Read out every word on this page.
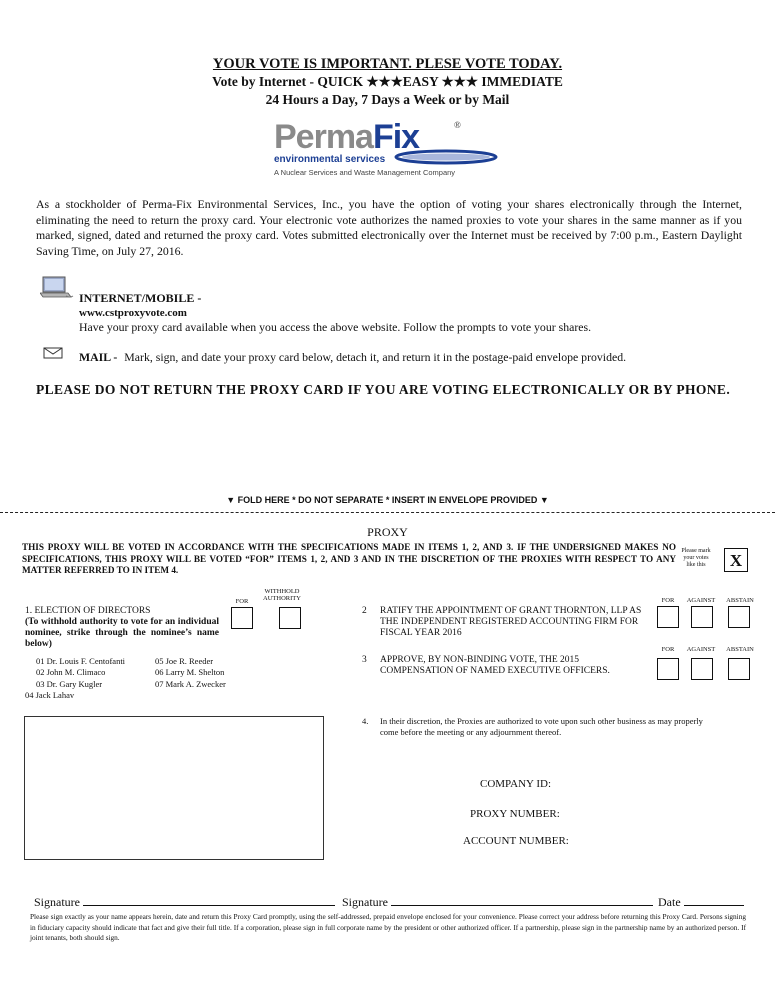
YOUR VOTE IS IMPORTANT. PLESE VOTE TODAY.
Vote by Internet - QUICK ★★★EASY ★★★ IMMEDIATE
24 Hours a Day, 7 Days a Week or by Mail
PermaFix	®
environmental services
A Nuclear Services and Waste Management Company
As a stockholder of Perma-Fix Environmental Services, Inc., you have the option of voting your shares electronically through the Internet, eliminating the need to return the proxy card. Your electronic vote authorizes the named proxies to vote your shares in the same manner as if you marked, signed, dated and returned the proxy card. Votes submitted electronically over the Internet must be received by 7:00 p.m., Eastern Daylight Saving Time, on July 27, 2016.
INTERNET/MOBILE -
www.cstproxyvote.com
Have your proxy card available when you access the above website. Follow the prompts to vote your shares.
MAIL - Mark, sign, and date your proxy card below, detach it, and return it in the postage-paid envelope provided.
PLEASE DO NOT RETURN THE PROXY CARD IF YOU ARE VOTING ELECTRONICALLY OR BY PHONE.
▼ FOLD HERE * DO NOT SEPARATE * INSERT IN ENVELOPE PROVIDED ▼
PROXY
THIS PROXY WILL BE VOTED IN ACCORDANCE WITH THE SPECIFICATIONS MADE IN ITEMS 1, 2, AND 3. IF THE UNDERSIGNED MAKES NO SPECIFICATIONS, THIS PROXY WILL BE VOTED “FOR” ITEMS 1, 2, AND 3 AND IN THE DISCRETION OF THE PROXIES WITH RESPECT TO ANY MATTER REFERRED TO IN ITEM 4.
Please mark your votes like this	X
FOR
WITHHOLD AUTHORITY
1. ELECTION OF DIRECTORS
(To withhold authority to vote for an individual nominee, strike through the nominee’s name below)
01 Dr. Louis F. Centofanti
02 John M. Climaco
03 Dr. Gary Kugler
04 Jack Lahav
05 Joe R. Reeder
06 Larry M. Shelton
07 Mark A. Zwecker
2 RATIFY THE APPOINTMENT OF GRANT THORNTON, LLP AS THE INDEPENDENT REGISTERED ACCOUNTING FIRM FOR FISCAL YEAR 2016
FOR	AGAINST	ABSTAIN
3 APPROVE, BY NON-BINDING VOTE, THE 2015 COMPENSATION OF NAMED EXECUTIVE OFFICERS.
FOR	AGAINST	ABSTAIN
4. In their discretion, the Proxies are authorized to vote upon such other business as may properly come before the meeting or any adjournment thereof.
COMPANY ID:
PROXY NUMBER:
ACCOUNT NUMBER:
Signature	Signature	Date
Please sign exactly as your name appears herein, date and return this Proxy Card promptly, using the self-addressed, prepaid envelope enclosed for your convenience. Please correct your address before returning this Proxy Card. Persons signing in fiduciary capacity should indicate that fact and give their full title. If a corporation, please sign in full corporate name by the president or other authorized officer. If a partnership, please sign in the partnership name by an authorized person. If joint tenants, both should sign.
